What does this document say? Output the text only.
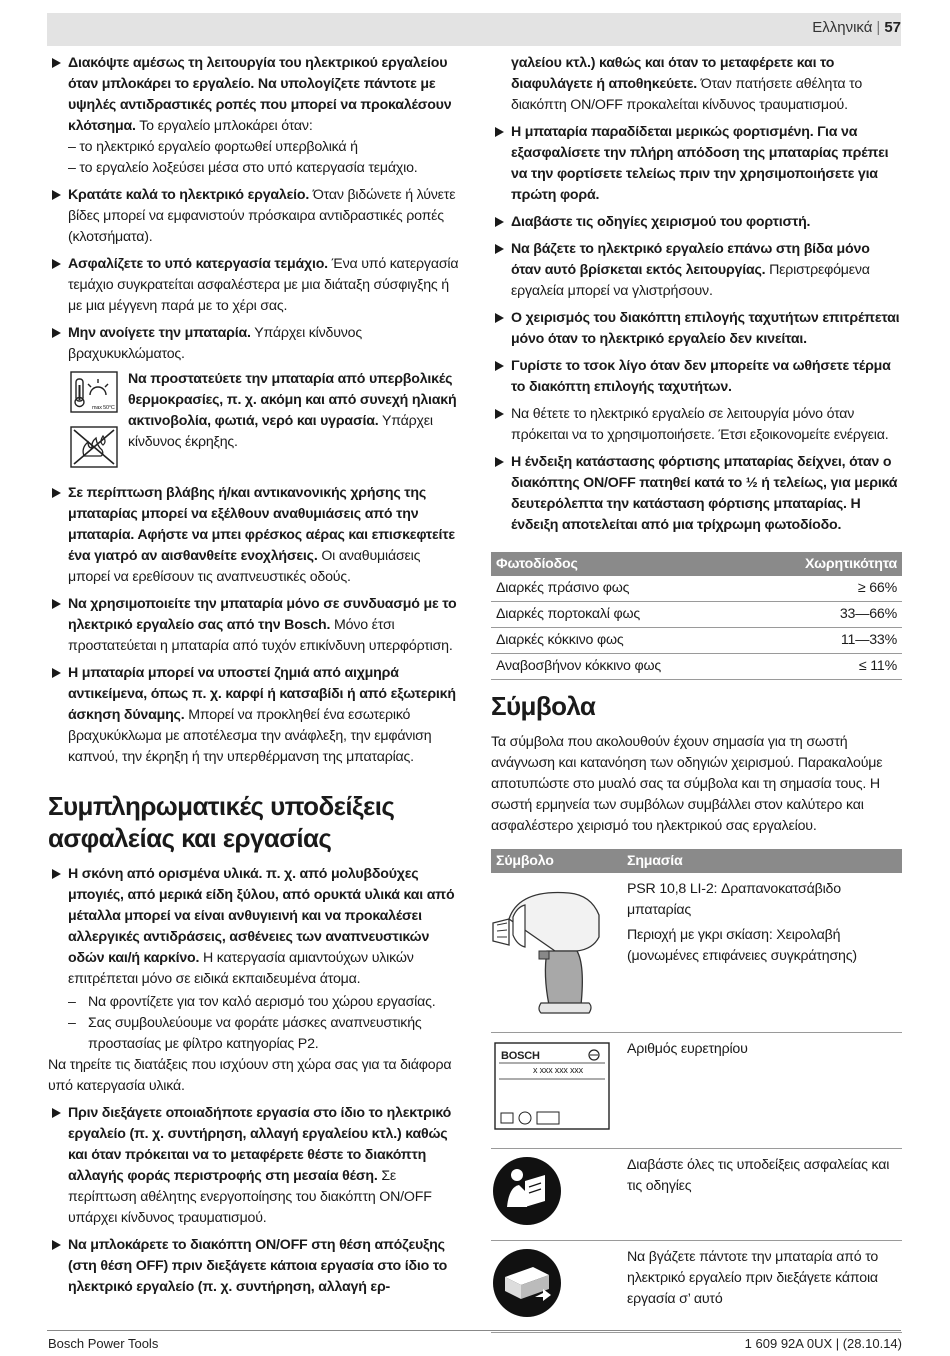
Ελληνικά | 57
Διακόψτε αμέσως τη λειτουργία του ηλεκτρικού εργαλείου όταν μπλοκάρει το εργαλείο. Να υπολογίζετε πάντοτε με υψηλές αντιδραστικές ροπές που μπορεί να προκαλέσουν κλότσημα. Το εργαλείο μπλοκάρει όταν:
– το ηλεκτρικό εργαλείο φορτωθεί υπερβολικά ή
– το εργαλείο λοξεύσει μέσα στο υπό κατεργασία τεμάχιο.
Κρατάτε καλά το ηλεκτρικό εργαλείο. Όταν βιδώνετε ή λύνετε βίδες μπορεί να εμφανιστούν πρόσκαιρα αντιδραστικές ροπές (κλοτσήματα).
Ασφαλίζετε το υπό κατεργασία τεμάχιο. Ένα υπό κατεργασία τεμάχιο συγκρατείται ασφαλέστερα με μια διάταξη σύσφιγξης ή με μια μέγγενη παρά με το χέρι σας.
Μην ανοίγετε την μπαταρία. Υπάρχει κίνδυνος βραχυκυκλώματος.
max 50°C

Να προστατεύετε την μπαταρία από υπερβολικές θερμοκρασίες, π. χ. ακόμη και από συνεχή ηλιακή ακτινοβολία, φωτιά, νερό και υγρασία. Υπάρχει κίνδυνος έκρηξης.
Σε περίπτωση βλάβης ή/και αντικανονικής χρήσης της μπαταρίας μπορεί να εξέλθουν αναθυμιάσεις από την μπαταρία. Αφήστε να μπει φρέσκος αέρας και επισκεφτείτε ένα γιατρό αν αισθανθείτε ενοχλήσεις. Οι αναθυμιάσεις μπορεί να ερεθίσουν τις αναπνευστικές οδούς.
Να χρησιμοποιείτε την μπαταρία μόνο σε συνδυασμό με το ηλεκτρικό εργαλείο σας από την Bosch. Μόνο έτσι προστατεύεται η μπαταρία από τυχόν επικίνδυνη υπερφόρτιση.
Η μπαταρία μπορεί να υποστεί ζημιά από αιχμηρά αντικείμενα, όπως π. χ. καρφί ή κατσαβίδι ή από εξωτερική άσκηση δύναμης. Μπορεί να προκληθεί ένα εσωτερικό βραχυκύκλωμα με αποτέλεσμα την ανάφλεξη, την εμφάνιση καπνού, την έκρηξη ή την υπερθέρμανση της μπαταρίας.
Συμπληρωματικές υποδείξεις ασφαλείας και εργασίας
Η σκόνη από ορισμένα υλικά. π. χ. από μολυβδούχες μπογιές, από μερικά είδη ξύλου, από ορυκτά υλικά και από μέταλλα μπορεί να είναι ανθυγιεινή και να προκαλέσει αλλεργικές αντιδράσεις, ασθένειες των αναπνευστικών οδών και/ή καρκίνο. Η κατεργασία αμιαντούχων υλικών επιτρέπεται μόνο σε ειδικά εκπαιδευμένα άτομα.
– Να φροντίζετε για τον καλό αερισμό του χώρου εργασίας.
– Σας συμβουλεύουμε να φοράτε μάσκες αναπνευστικής προστασίας με φίλτρο κατηγορίας P2.
Να τηρείτε τις διατάξεις που ισχύουν στη χώρα σας για τα διάφορα υπό κατεργασία υλικά.
Πριν διεξάγετε οποιαδήποτε εργασία στο ίδιο το ηλεκτρικό εργαλείο (π. χ. συντήρηση, αλλαγή εργαλείου κτλ.) καθώς και όταν πρόκειται να το μεταφέρετε θέστε το διακόπτη αλλαγής φοράς περιστροφής στη μεσαία θέση. Σε περίπτωση αθέλητης ενεργοποίησης του διακόπτη ON/OFF υπάρχει κίνδυνος τραυματισμού.
Να μπλοκάρετε το διακόπτη ON/OFF στη θέση απόζευξης (στη θέση OFF) πριν διεξάγετε κάποια εργασία στο ίδιο το ηλεκτρικό εργαλείο (π. χ. συντήρηση, αλλαγή ερ-
γαλείου κτλ.) καθώς και όταν το μεταφέρετε και το διαφυλάγετε ή αποθηκεύετε. Όταν πατήσετε αθέλητα το διακόπτη ON/OFF προκαλείται κίνδυνος τραυματισμού.
Η μπαταρία παραδίδεται μερικώς φορτισμένη. Για να εξασφαλίσετε την πλήρη απόδοση της μπαταρίας πρέπει να την φορτίσετε τελείως πριν την χρησιμοποιήσετε για πρώτη φορά.
Διαβάστε τις οδηγίες χειρισμού του φορτιστή.
Να βάζετε το ηλεκτρικό εργαλείο επάνω στη βίδα μόνο όταν αυτό βρίσκεται εκτός λειτουργίας. Περιστρεφόμενα εργαλεία μπορεί να γλιστρήσουν.
Ο χειρισμός του διακόπτη επιλογής ταχυτήτων επιτρέπεται μόνο όταν το ηλεκτρικό εργαλείο δεν κινείται.
Γυρίστε το τσοκ λίγο όταν δεν μπορείτε να ωθήσετε τέρμα το διακόπτη επιλογής ταχυτήτων.
Να θέτετε το ηλεκτρικό εργαλείο σε λειτουργία μόνο όταν πρόκειται να το χρησιμοποιήσετε. Έτσι εξοικονομείτε ενέργεια.
Η ένδειξη κατάστασης φόρτισης μπαταρίας δείχνει, όταν ο διακόπτης ON/OFF πατηθεί κατά το ½ ή τελείως, για μερικά δευτερόλεπτα την κατάσταση φόρτισης μπαταρίας. Η ένδειξη αποτελείται από μια τρίχρωμη φωτοδίοδο.
Φωτοδίοδος	Χωρητικότητα
Διαρκές πράσινο φως	≥ 66%
Διαρκές πορτοκαλί φως	33—66%
Διαρκές κόκκινο φως	11—33%
Αναβοσβήνον κόκκινο φως	≤ 11%
Σύμβολα
Τα σύμβολα που ακολουθούν έχουν σημασία για τη σωστή ανάγνωση και κατανόηση των οδηγιών χειρισμού. Παρακαλούμε αποτυπώστε στο μυαλό σας τα σύμβολα και τη σημασία τους. Η σωστή ερμηνεία των συμβόλων συμβάλλει στον καλύτερο και ασφαλέστερο χειρισμό του ηλεκτρικού σας εργαλείου.
Σύμβολο	Σημασία

PSR 10,8 LI-2: Δραπανοκατσάβιδο μπαταρίας

Περιοχή με γκρι σκίαση: Χειρολαβή (μονωμένες επιφάνειες συγκράτησης)

BOSCH
x xxx xxx xxx	Αριθμός ευρετηρίου

Διαβάστε όλες τις υποδείξεις ασφαλείας και τις οδηγίες

Να βγάζετε πάντοτε την μπαταρία από το ηλεκτρικό εργαλείο πριν διεξάγετε κάποια εργασία σ’ αυτό

Bosch Power Tools	1 609 92A 0UX | (28.10.14)
